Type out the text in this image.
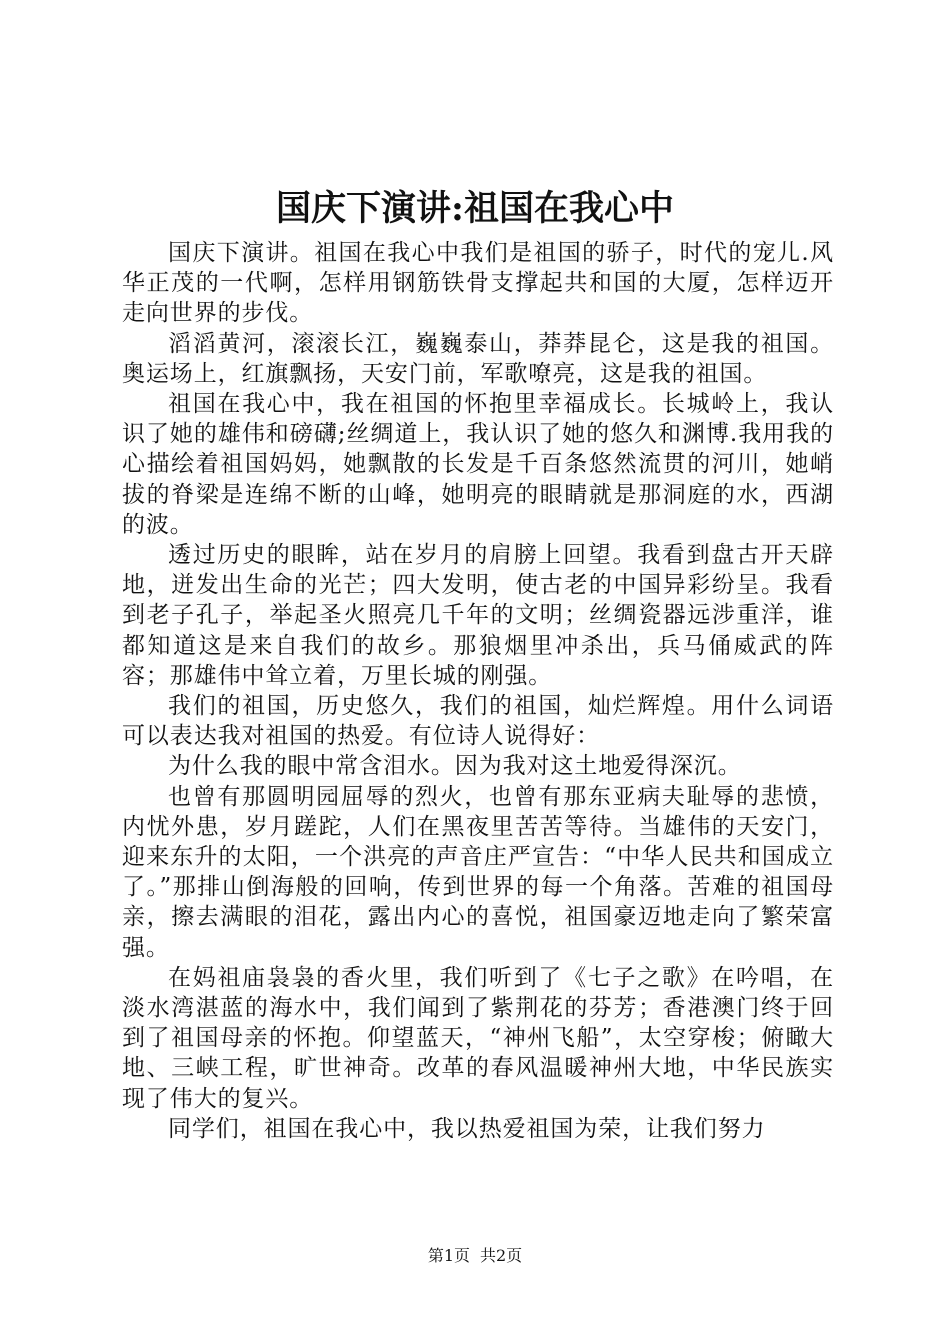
国庆下演讲:祖国在我心中

国庆下演讲。祖国在我心中我们是祖国的骄子，时代的宠儿.风华正茂的一代啊，怎样用钢筋铁骨支撑起共和国的大厦，怎样迈开走向世界的步伐。

滔滔黄河，滚滚长江，巍巍泰山，莽莽昆仑，这是我的祖国。奥运场上，红旗飘扬，天安门前，军歌嘹亮，这是我的祖国。

祖国在我心中，我在祖国的怀抱里幸福成长。长城岭上，我认识了她的雄伟和磅礴;丝绸道上，我认识了她的悠久和渊博.我用我的心描绘着祖国妈妈，她飘散的长发是千百条悠然流贯的河川，她峭拔的脊梁是连绵不断的山峰，她明亮的眼睛就是那洞庭的水，西湖的波。

透过历史的眼眸，站在岁月的肩膀上回望。我看到盘古开天辟地，迸发出生命的光芒；四大发明，使古老的中国异彩纷呈。我看到老子孔子，举起圣火照亮几千年的文明；丝绸瓷器远涉重洋，谁都知道这是来自我们的故乡。那狼烟里冲杀出，兵马俑威武的阵容；那雄伟中耸立着，万里长城的刚强。

我们的祖国，历史悠久，我们的祖国，灿烂辉煌。用什么词语可以表达我对祖国的热爱。有位诗人说得好：

为什么我的眼中常含泪水。因为我对这土地爱得深沉。

也曾有那圆明园屈辱的烈火，也曾有那东亚病夫耻辱的悲愤，内忧外患，岁月蹉跎，人们在黑夜里苦苦等待。当雄伟的天安门，迎来东升的太阳，一个洪亮的声音庄严宣告：“中华人民共和国成立了。”那排山倒海般的回响，传到世界的每一个角落。苦难的祖国母亲，擦去满眼的泪花，露出内心的喜悦，祖国豪迈地走向了繁荣富强。

在妈祖庙袅袅的香火里，我们听到了《七子之歌》在吟唱，在淡水湾湛蓝的海水中，我们闻到了紫荆花的芬芳；香港澳门终于回到了祖国母亲的怀抱。仰望蓝天，“神州飞船”，太空穿梭；俯瞰大地、三峡工程，旷世神奇。改革的春风温暖神州大地，中华民族实现了伟大的复兴。

同学们，祖国在我心中，我以热爱祖国为荣，让我们努力

第1页 共2页
